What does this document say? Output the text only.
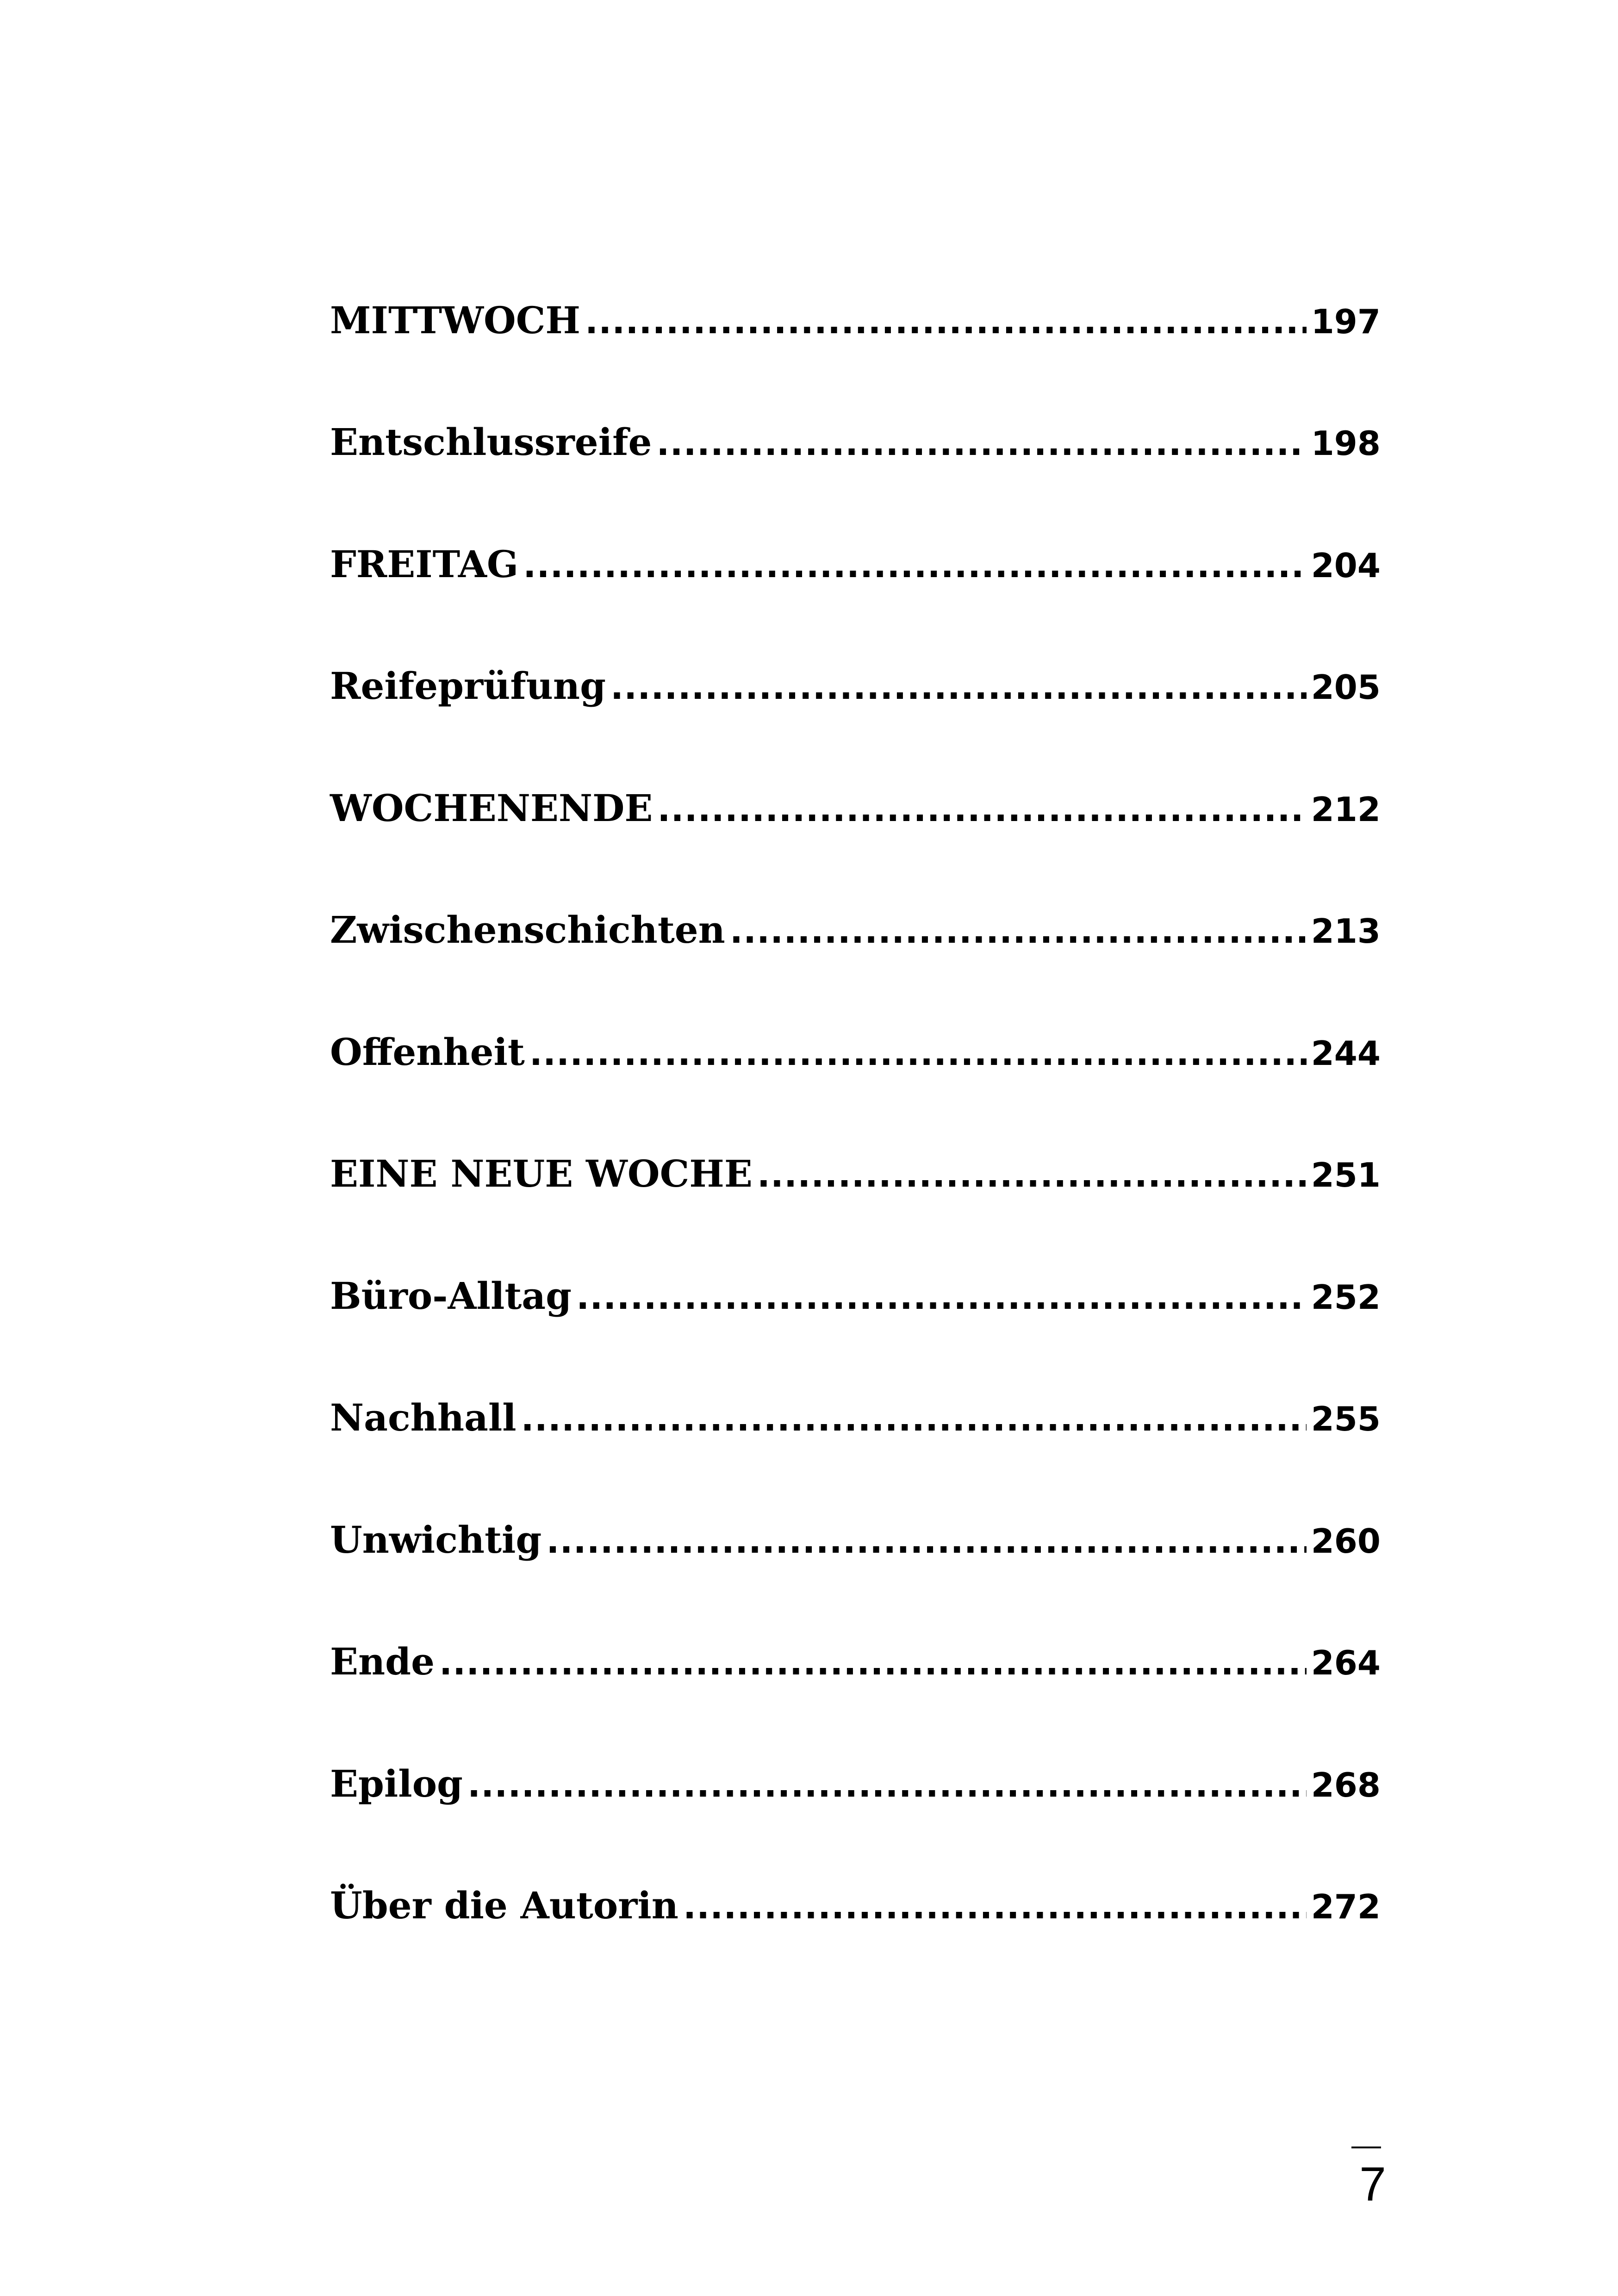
MITTWOCH .....	197
Entschlussreife .....	198
FREITAG .....	204
Reifeprüfung .....	205
WOCHENENDE .....	212
Zwischenschichten .....	213
Offenheit .....	244
EINE NEUE WOCHE .....	251
Büro-Alltag .....	252
Nachhall .....	255
Unwichtig .....	260
Ende .....	264
Epilog .....	268
Über die Autorin .....	272
7
